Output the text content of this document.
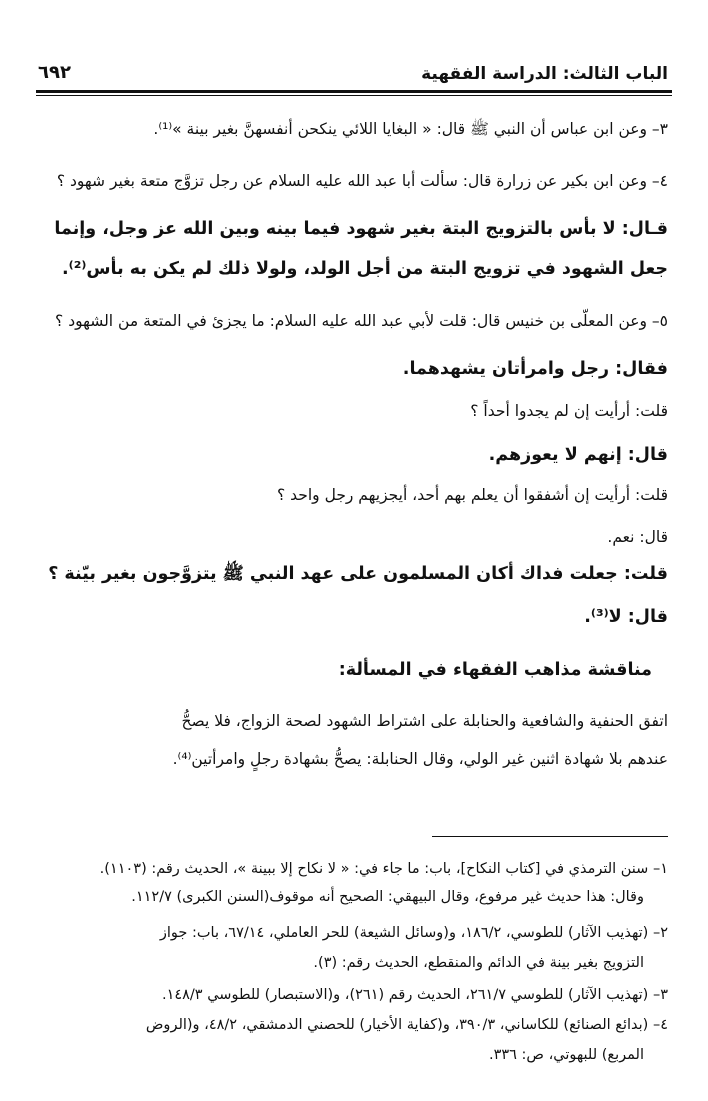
الباب الثالث: الدراسة الفقهية
٦٩٢
٣– وعن ابن عباس أن النبي ﷺ قال: « البغايا اللائي ينكحن أنفسهنَّ بغير بينة »⁽¹⁾.
٤– وعن ابن بكير عن زرارة قال: سألت أبا عبد الله عليه السلام عن رجل تزوَّج متعة بغير شهود ؟
قـال: لا بأس بالتزويج البتة بغير شهود فيما بينه وبين الله عز وجل، وإنما
جعل الشهود في تزويج البتة من أجل الولد، ولولا ذلك لم يكن به بأس⁽²⁾.
٥– وعن المعلّى بن خنيس قال: قلت لأبي عبد الله عليه السلام: ما يجزئ في المتعة من الشهود ؟
فقال: رجل وامرأتان يشهدهما.
قلت: أرأيت إن لم يجدوا أحداً ؟
قال: إنهم لا يعوزهم.
قلت: أرأيت إن أشفقوا أن يعلم بهم أحد، أيجزيهم رجل واحد ؟
قال: نعم.
قلت: جعلت فداك أكان المسلمون على عهد النبي ﷺ يتزوَّجون بغير بيّنة ؟
قال: لا⁽³⁾.
مناقشة مذاهب الفقهاء في المسألة:
اتفق الحنفية والشافعية والحنابلة على اشتراط الشهود لصحة الزواج، فلا يصحُّ
عندهم بلا شهادة اثنين غير الولي، وقال الحنابلة: يصحُّ بشهادة رجلٍ وامرأتين⁽⁴⁾.
١– سنن الترمذي في [كتاب النكاح]، باب: ما جاء في: « لا نكاح إلا ببينة »، الحديث رقم: (١١٠٣).
وقال: هذا حديث غير مرفوع، وقال البيهقي: الصحيح أنه موقوف(السنن الكبرى) ١١٢/٧.
٢– (تهذيب الآثار) للطوسي، ١٨٦/٢، و(وسائل الشيعة) للحر العاملي، ٦٧/١٤، باب: جواز
التزويج بغير بينة في الدائم والمنقطع، الحديث رقم: (٣).
٣– (تهذيب الآثار) للطوسي ٢٦١/٧، الحديث رقم (٢٦١)، و(الاستبصار) للطوسي ١٤٨/٣.
٤– (بدائع الصنائع) للكاساني، ٣٩٠/٣، و(كفاية الأخيار) للحصني الدمشقي، ٤٨/٢، و(الروض
المربع) للبهوتي، ص: ٣٣٦.
